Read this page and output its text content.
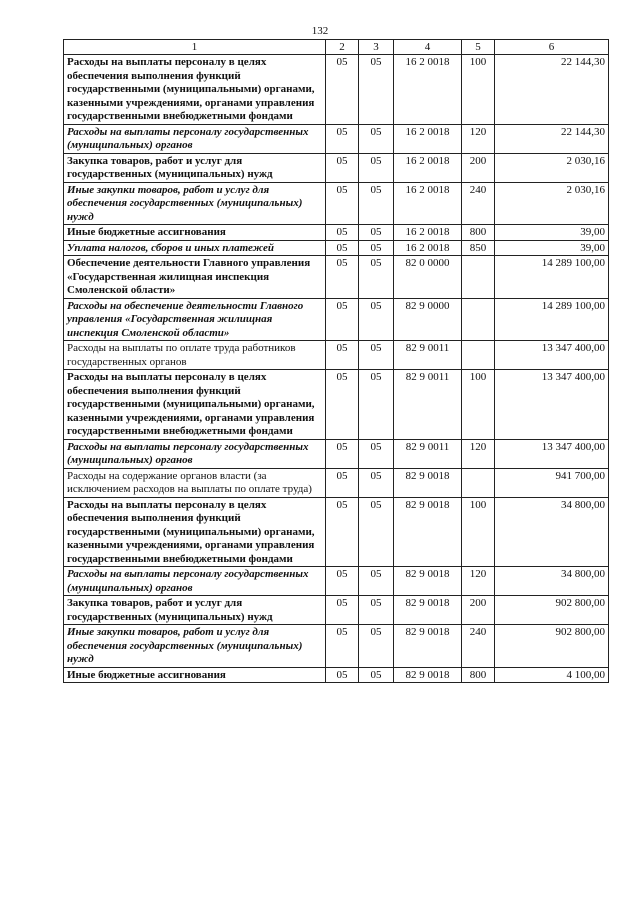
132
1	2	3	4	5	6
Расходы на выплаты персоналу в целях обеспечения выполнения функций государственными (муниципальными) органами, казенными учреждениями, органами управления государственными внебюджетными фондами	05	05	16 2 0018	100	22 144,30
Расходы на выплаты персоналу государственных (муниципальных) органов	05	05	16 2 0018	120	22 144,30
Закупка товаров, работ и услуг для государственных (муниципальных) нужд	05	05	16 2 0018	200	2 030,16
Иные закупки товаров, работ и услуг для обеспечения государственных (муниципальных) нужд	05	05	16 2 0018	240	2 030,16
Иные бюджетные ассигнования	05	05	16 2 0018	800	39,00
Уплата налогов, сборов и иных платежей	05	05	16 2 0018	850	39,00
Обеспечение деятельности Главного управления «Государственная жилищная инспекция Смоленской области»	05	05	82 0 0000		14 289 100,00
Расходы на обеспечение деятельности Главного управления «Государственная жилищная инспекция Смоленской области»	05	05	82 9 0000		14 289 100,00
Расходы на выплаты по оплате труда работников государственных органов	05	05	82 9 0011		13 347 400,00
Расходы на выплаты персоналу в целях обеспечения выполнения функций государственными (муниципальными) органами, казенными учреждениями, органами управления государственными внебюджетными фондами	05	05	82 9 0011	100	13 347 400,00
Расходы на выплаты персоналу государственных (муниципальных) органов	05	05	82 9 0011	120	13 347 400,00
Расходы на содержание органов власти (за исключением расходов на выплаты по оплате труда)	05	05	82 9 0018		941 700,00
Расходы на выплаты персоналу в целях обеспечения выполнения функций государственными (муниципальными) органами, казенными учреждениями, органами управления государственными внебюджетными фондами	05	05	82 9 0018	100	34 800,00
Расходы на выплаты персоналу государственных (муниципальных) органов	05	05	82 9 0018	120	34 800,00
Закупка товаров, работ и услуг для государственных (муниципальных) нужд	05	05	82 9 0018	200	902 800,00
Иные закупки товаров, работ и услуг для обеспечения государственных (муниципальных) нужд	05	05	82 9 0018	240	902 800,00
Иные бюджетные ассигнования	05	05	82 9 0018	800	4 100,00
